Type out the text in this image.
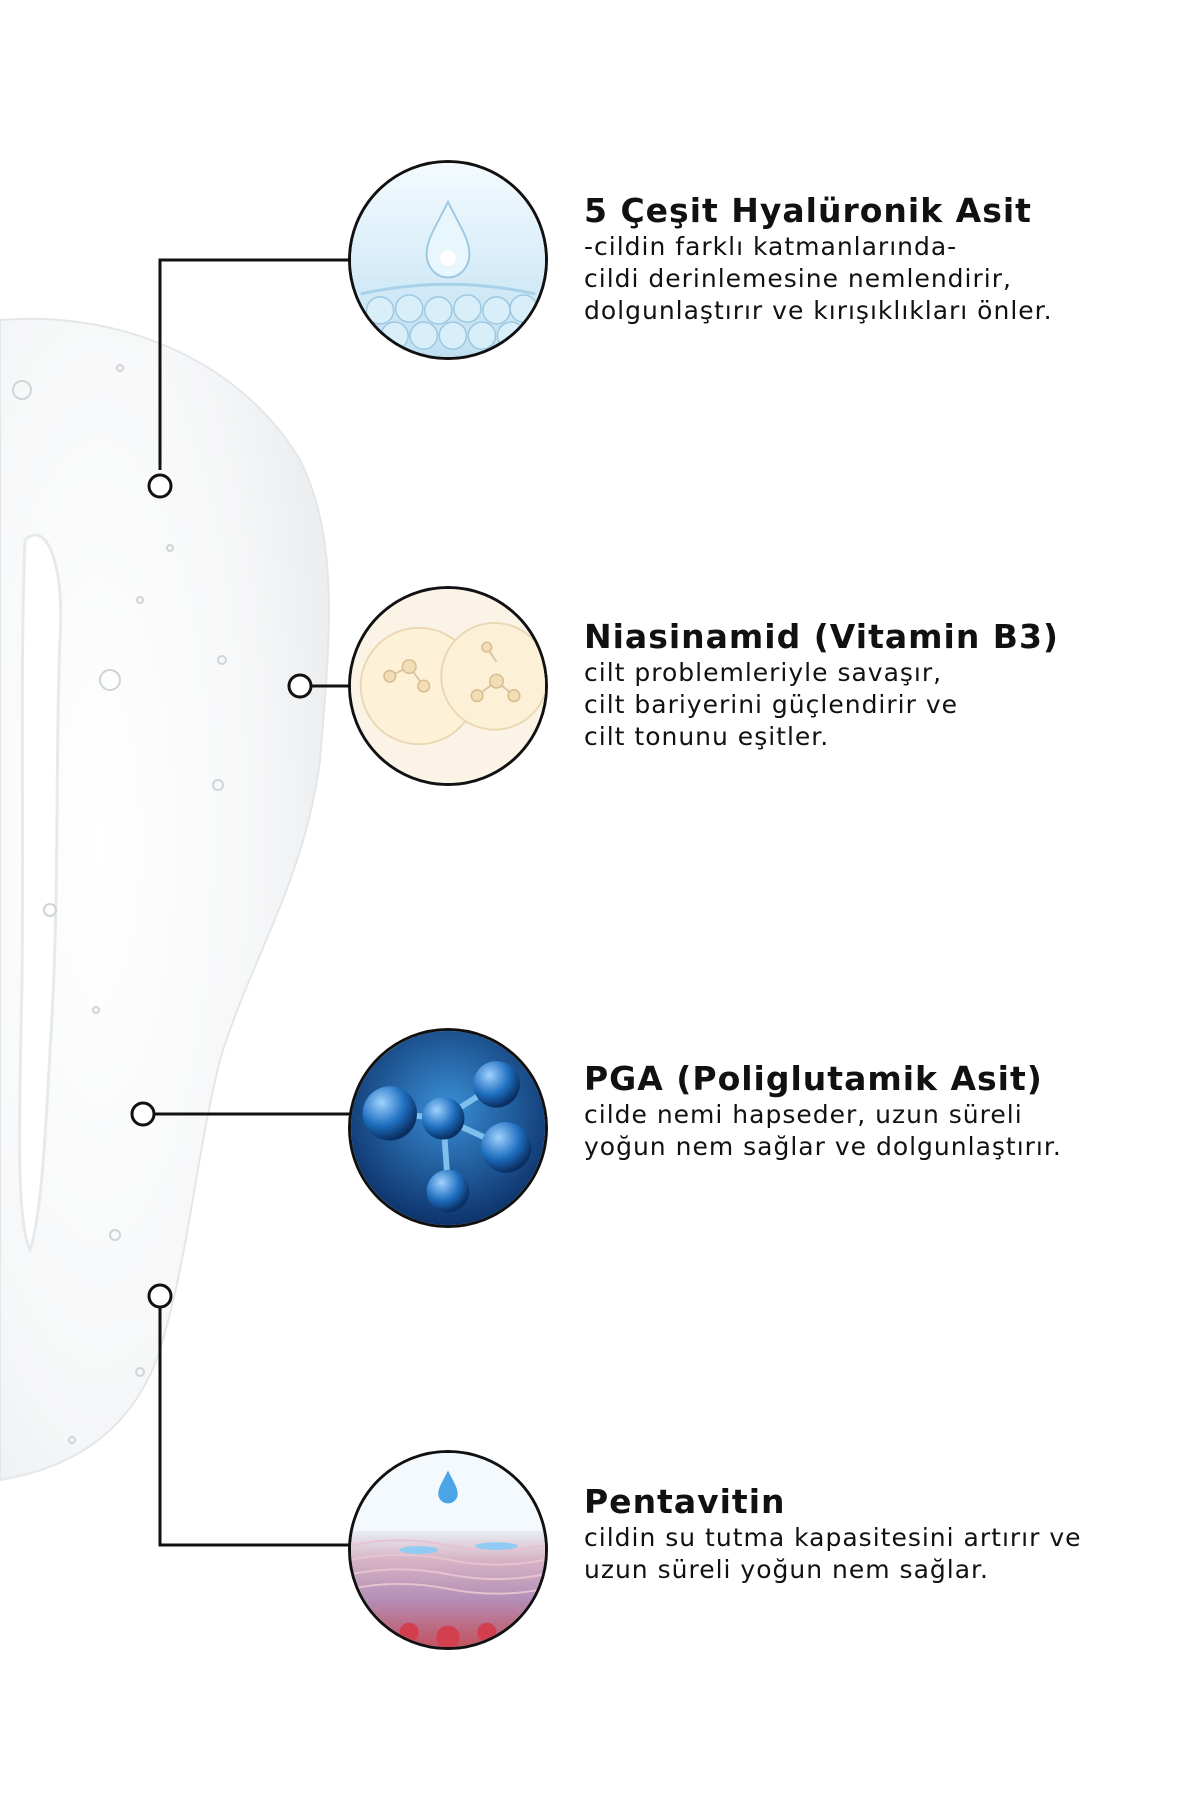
5 Çeşit Hyalüronik Asit

-cildin farklı katmanlarında-
cildi derinlemesine nemlendirir,
dolgunlaştırır ve kırışıklıkları önler.

Niasinamid (Vitamin B3)

cilt problemleriyle savaşır,
cilt bariyerini güçlendirir ve
cilt tonunu eşitler.

PGA (Poliglutamik Asit)

cilde nemi hapseder, uzun süreli
yoğun nem sağlar ve dolgunlaştırır.

Pentavitin

cildin su tutma kapasitesini artırır ve
uzun süreli yoğun nem sağlar.
